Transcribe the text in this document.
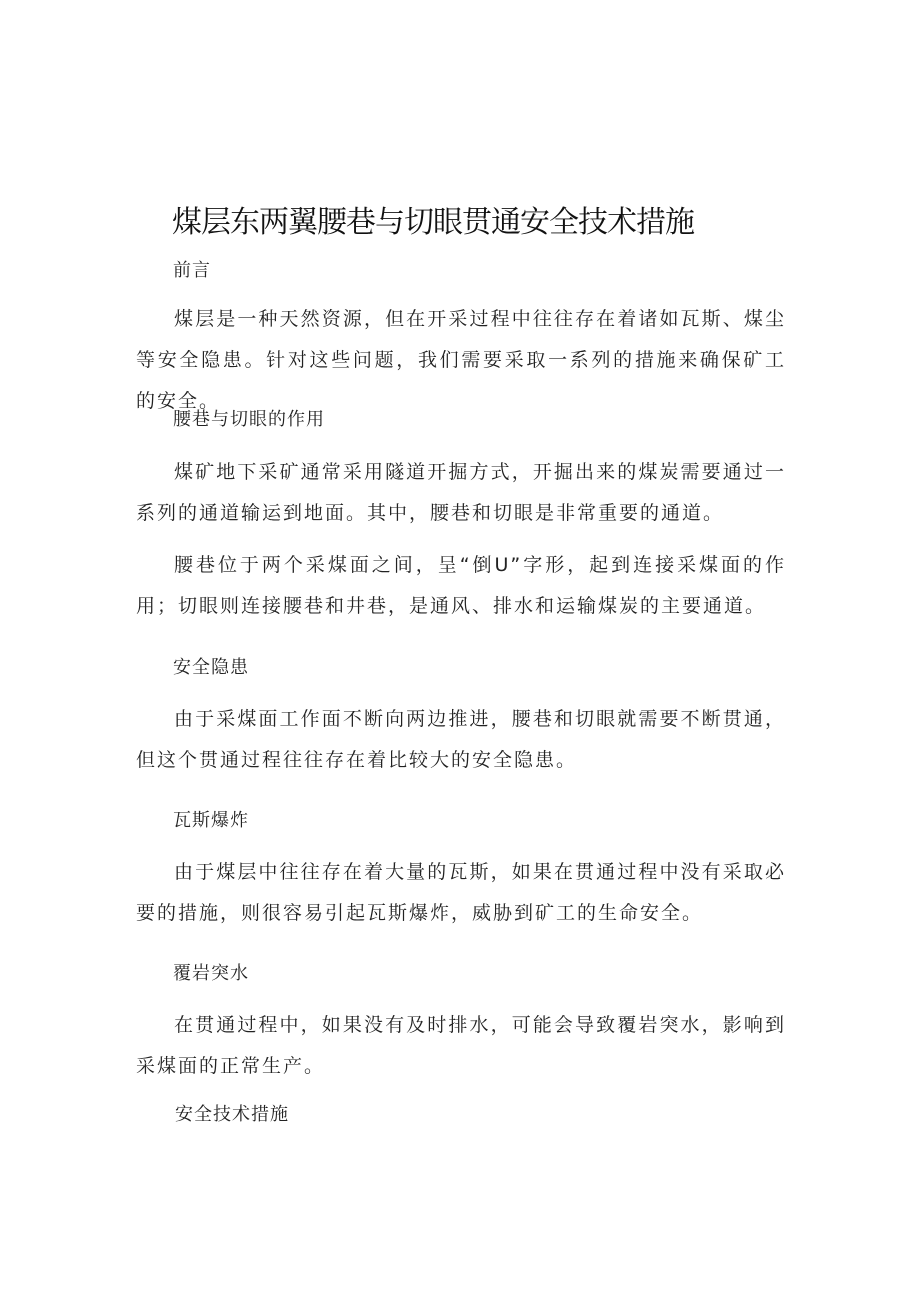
煤层东两翼腰巷与切眼贯通安全技术措施
前言
煤层是一种天然资源，但在开采过程中往往存在着诸如瓦斯、煤尘等安全隐患。针对这些问题，我们需要采取一系列的措施来确保矿工的安全。
腰巷与切眼的作用
煤矿地下采矿通常采用隧道开掘方式，开掘出来的煤炭需要通过一系列的通道输运到地面。其中，腰巷和切眼是非常重要的通道。
腰巷位于两个采煤面之间，呈“倒U”字形，起到连接采煤面的作用；切眼则连接腰巷和井巷，是通风、排水和运输煤炭的主要通道。
安全隐患
由于采煤面工作面不断向两边推进，腰巷和切眼就需要不断贯通，但这个贯通过程往往存在着比较大的安全隐患。
瓦斯爆炸
由于煤层中往往存在着大量的瓦斯，如果在贯通过程中没有采取必要的措施，则很容易引起瓦斯爆炸，威胁到矿工的生命安全。
覆岩突水
在贯通过程中，如果没有及时排水，可能会导致覆岩突水，影响到采煤面的正常生产。
安全技术措施
